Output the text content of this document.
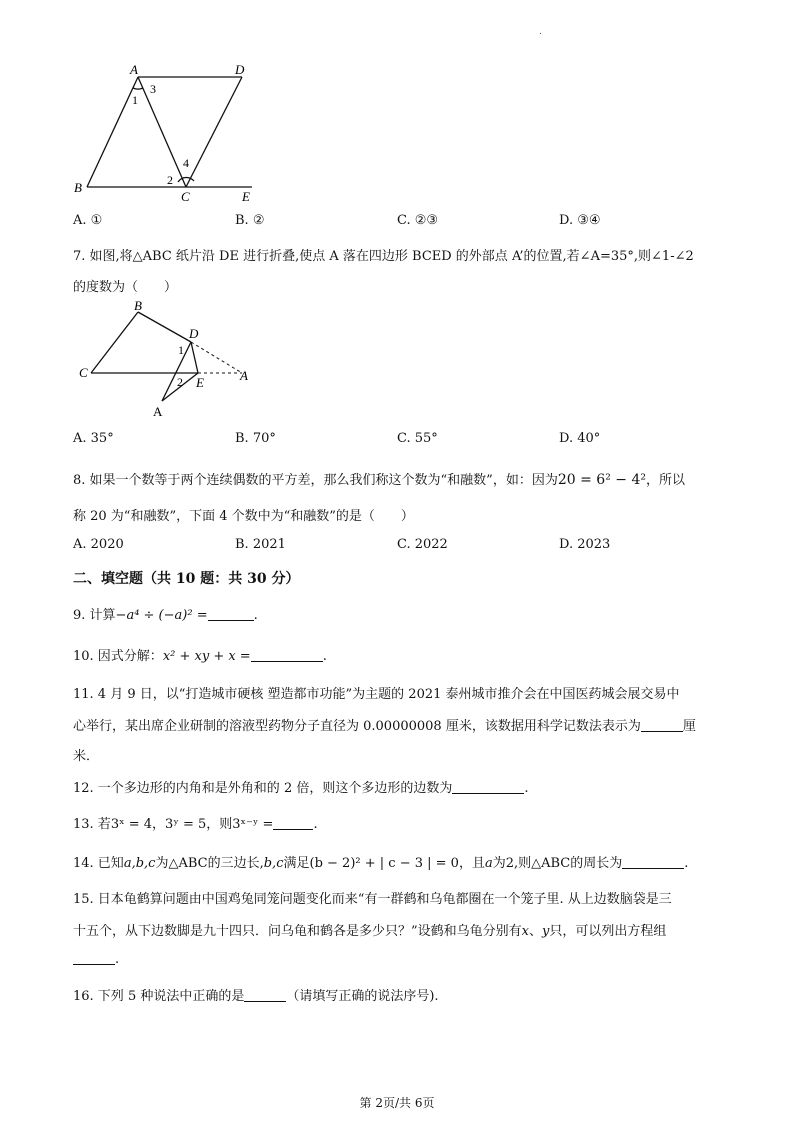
A	D
B
C	E
1
3
2
4
A. ①	B. ②	C. ②③	D. ③④
7. 如图,将△ABC 纸片沿 DE 进行折叠,使点 A 落在四边形 BCED 的外部点 A’的位置,若∠A=35°,则∠1-∠2
的度数为（　　）
B
C
D
E	A
A
1
2
A. 35°	B. 70°	C. 55°	D. 40°
8. 如果一个数等于两个连续偶数的平方差，那么我们称这个数为“和融数”，如：因为20 = 6² − 4²，所以
称 20 为“和融数”，下面 4 个数中为“和融数”的是（　　）
A. 2020	B. 2021	C. 2022	D. 2023
二、填空题（共 10 题：共 30 分）
9. 计算−a⁴ ÷ (−a)² =	.
10. 因式分解：x² + xy + x =	.
11. 4 月 9 日，以“打造城市硬核 塑造都市功能”为主题的 2021 泰州城市推介会在中国医药城会展交易中
心举行，某出席企业研制的溶液型药物分子直径为 0.00000008 厘米，该数据用科学记数法表示为	厘
米．
12. 一个多边形的内角和是外角和的 2 倍，则这个多边形的边数为	.
13. 若3ˣ = 4，3ʸ = 5，则3ˣ⁻ʸ =	.
14. 已知a,b,c为△ABC的三边长,b,c满足(b − 2)² + | c − 3 | = 0，且a为2,则△ABC的周长为	.
15. 日本龟鹤算问题由中国鸡兔同笼问题变化而来“有一群鹤和乌龟都圈在一个笼子里. 从上边数脑袋是三
十五个，从下边数脚是九十四只．问乌龟和鹤各是多少只？”设鹤和乌龟分别有x、y只，可以列出方程组
.
16. 下列 5 种说法中正确的是	（请填写正确的说法序号).
.
第 2页/共 6页
